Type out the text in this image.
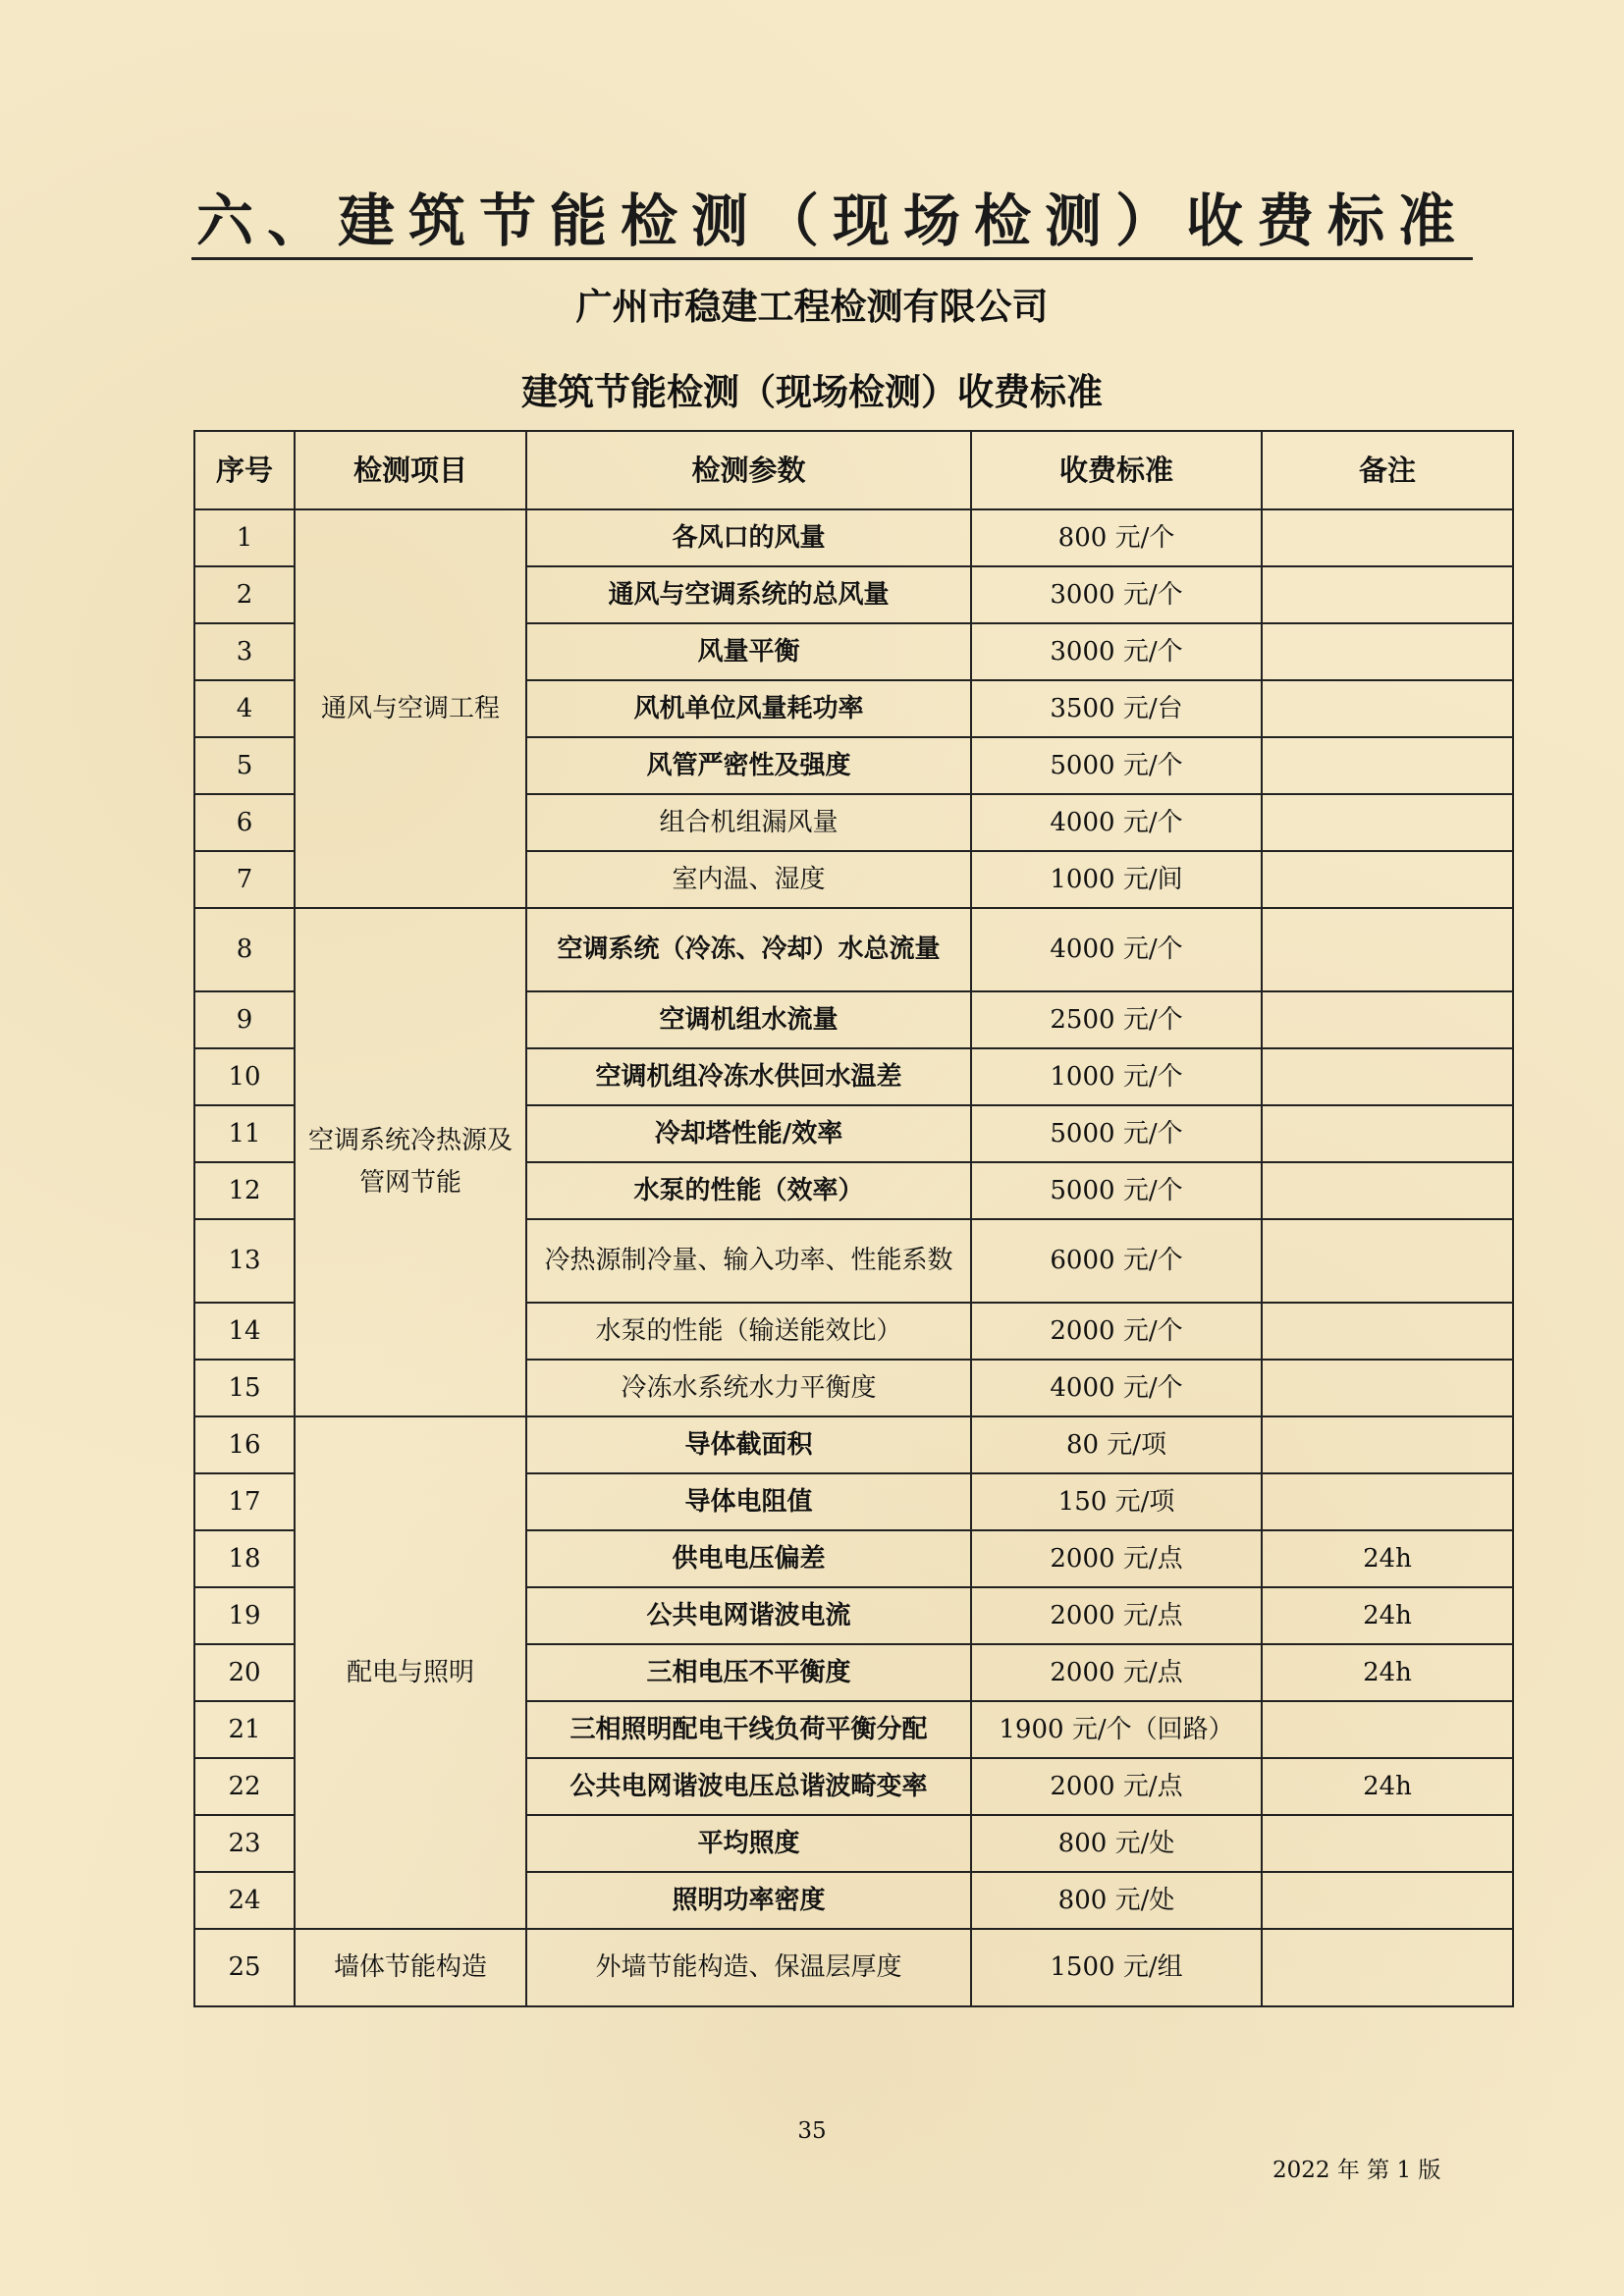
六、建筑节能检测（现场检测）收费标准
广州市稳建工程检测有限公司
建筑节能检测（现场检测）收费标准
序号	检测项目	检测参数	收费标准	备注
1	通风与空调工程	各风口的风量	800 元/个	
2		通风与空调系统的总风量	3000 元/个	
3		风量平衡	3000 元/个	
4		风机单位风量耗功率	3500 元/台	
5		风管严密性及强度	5000 元/个	
6		组合机组漏风量	4000 元/个	
7		室内温、湿度	1000 元/间	
8	空调系统冷热源及管网节能	空调系统（冷冻、冷却）水总流量	4000 元/个	
9		空调机组水流量	2500 元/个	
10		空调机组冷冻水供回水温差	1000 元/个	
11		冷却塔性能/效率	5000 元/个	
12		水泵的性能（效率）	5000 元/个	
13		冷热源制冷量、输入功率、性能系数	6000 元/个	
14		水泵的性能（输送能效比）	2000 元/个	
15		冷冻水系统水力平衡度	4000 元/个	
16	配电与照明	导体截面积	80 元/项	
17		导体电阻值	150 元/项	
18		供电电压偏差	2000 元/点	24h
19		公共电网谐波电流	2000 元/点	24h
20		三相电压不平衡度	2000 元/点	24h
21		三相照明配电干线负荷平衡分配	1900 元/个（回路）	
22		公共电网谐波电压总谐波畸变率	2000 元/点	24h
23		平均照度	800 元/处	
24		照明功率密度	800 元/处	
25	墙体节能构造	外墙节能构造、保温层厚度	1500 元/组	
35
2022 年 第 1 版
